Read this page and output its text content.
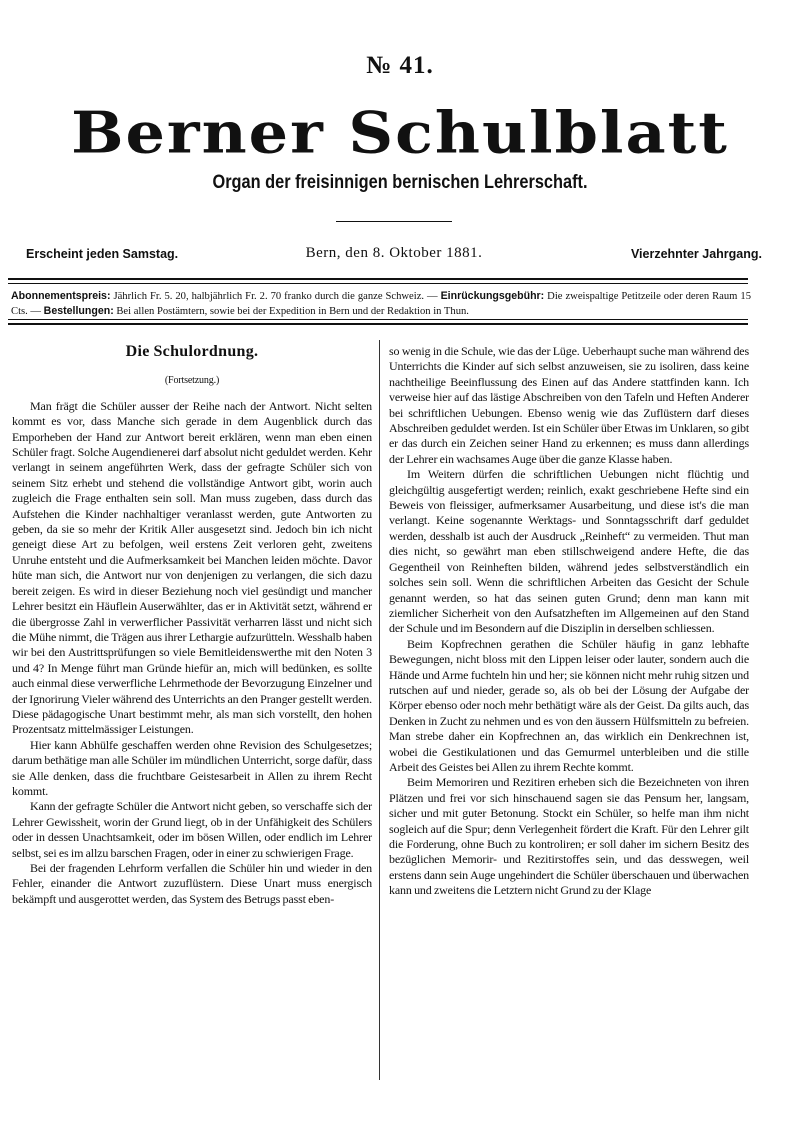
№ 41.
Berner Schulblatt
Organ der freisinnigen bernischen Lehrerschaft.
Erscheint jeden Samstag.	Bern, den 8. Oktober 1881.	Vierzehnter Jahrgang.
Abonnementspreis: Jährlich Fr. 5. 20, halbjährlich Fr. 2. 70 franko durch die ganze Schweiz. — Einrückungsgebühr: Die zweispaltige Petitzeile oder deren Raum 15 Cts. — Bestellungen: Bei allen Postämtern, sowie bei der Expedition in Bern und der Redaktion in Thun.
Die Schulordnung.
(Fortsetzung.)

Man frägt die Schüler ausser der Reihe nach der Antwort. Nicht selten kommt es vor, dass Manche sich gerade in dem Augenblick durch das Emporheben der Hand zur Antwort bereit erklären, wenn man eben einen Schüler fragt. Solche Augendienerei darf absolut nicht geduldet werden. Kehr verlangt in seinem angeführten Werk, dass der gefragte Schüler sich von seinem Sitz erhebt und stehend die vollständige Antwort gibt, worin auch zugleich die Frage enthalten sein soll. Man muss zugeben, dass durch das Aufstehen die Kinder nachhaltiger veranlasst werden, gute Antworten zu geben, da sie so mehr der Kritik Aller ausgesetzt sind. Jedoch bin ich nicht geneigt diese Art zu befolgen, weil erstens Zeit verloren geht, zweitens Unruhe entsteht und die Aufmerksamkeit bei Manchen leiden möchte. Davor hüte man sich, die Antwort nur von denjenigen zu verlangen, die sich dazu bereit zeigen. Es wird in dieser Beziehung noch viel gesündigt und mancher Lehrer besitzt ein Häuflein Auserwählter, das er in Aktivität setzt, während er die übergrosse Zahl in verwerflicher Passivität verharren lässt und nicht sich die Mühe nimmt, die Trägen aus ihrer Lethargie aufzurütteln. Wesshalb haben wir bei den Austrittsprüfungen so viele Bemitleidenswerthe mit den Noten 3 und 4? In Menge führt man Gründe hiefür an, mich will bedünken, es sollte auch einmal diese verwerfliche Lehrmethode der Bevorzugung Einzelner und der Ignorirung Vieler während des Unterrichts an den Pranger gestellt werden. Diese pädagogische Unart bestimmt mehr, als man sich vorstellt, den hohen Prozentsatz mittelmässiger Leistungen.

Hier kann Abhülfe geschaffen werden ohne Revision des Schulgesetzes; darum bethätige man alle Schüler im mündlichen Unterricht, sorge dafür, dass sie Alle denken, dass die fruchtbare Geistesarbeit in Allen zu ihrem Recht kommt.

Kann der gefragte Schüler die Antwort nicht geben, so verschaffe sich der Lehrer Gewissheit, worin der Grund liegt, ob in der Unfähigkeit des Schülers oder in dessen Unachtsamkeit, oder im bösen Willen, oder endlich im Lehrer selbst, sei es im allzu barschen Fragen, oder in einer zu schwierigen Frage.

Bei der fragenden Lehrform verfallen die Schüler hin und wieder in den Fehler, einander die Antwort zuzuflüstern. Diese Unart muss energisch bekämpft und ausgerottet werden, das System des Betrugs passt eben-

so wenig in die Schule, wie das der Lüge. Ueberhaupt suche man während des Unterrichts die Kinder auf sich selbst anzuweisen, sie zu isoliren, dass keine nachtheilige Beeinflussung des Einen auf das Andere stattfinden kann. Ich verweise hier auf das lästige Abschreiben von den Tafeln und Heften Anderer bei schriftlichen Uebungen. Ebenso wenig wie das Zuflüstern darf dieses Abschreiben geduldet werden. Ist ein Schüler über Etwas im Unklaren, so gibt er das durch ein Zeichen seiner Hand zu erkennen; es muss dann allerdings der Lehrer ein wachsames Auge über die ganze Klasse haben.

Im Weitern dürfen die schriftlichen Uebungen nicht flüchtig und gleichgültig ausgefertigt werden; reinlich, exakt geschriebene Hefte sind ein Beweis von fleissiger, aufmerksamer Ausarbeitung, und diese ist's die man verlangt. Keine sogenannte Werktags- und Sonntagsschrift darf geduldet werden, desshalb ist auch der Ausdruck „Reinheft“ zu vermeiden. Thut man dies nicht, so gewährt man eben stillschweigend andere Hefte, die das Gegentheil von Reinheften bilden, während jedes selbstverständlich ein solches sein soll. Wenn die schriftlichen Arbeiten das Gesicht der Schule genannt werden, so hat das seinen guten Grund; denn man kann mit ziemlicher Sicherheit von den Aufsatzheften im Allgemeinen auf den Stand der Schule und im Besondern auf die Disziplin in derselben schliessen.

Beim Kopfrechnen gerathen die Schüler häufig in ganz lebhafte Bewegungen, nicht bloss mit den Lippen leiser oder lauter, sondern auch die Hände und Arme fuchteln hin und her; sie können nicht mehr ruhig sitzen und rutschen auf und nieder, gerade so, als ob bei der Lösung der Aufgabe der Körper ebenso oder noch mehr bethätigt wäre als der Geist. Da gilts auch, das Denken in Zucht zu nehmen und es von den äussern Hülfsmitteln zu befreien. Man strebe daher ein Kopfrechnen an, das wirklich ein Denkrechnen ist, wobei die Gestikulationen und das Gemurmel unterbleiben und die stille Arbeit des Geistes bei Allen zu ihrem Rechte kommt.

Beim Memoriren und Rezitiren erheben sich die Bezeichneten von ihren Plätzen und frei vor sich hinschauend sagen sie das Pensum her, langsam, sicher und mit guter Betonung. Stockt ein Schüler, so helfe man ihm nicht sogleich auf die Spur; denn Verlegenheit fördert die Kraft. Für den Lehrer gilt die Forderung, ohne Buch zu kontroliren; er soll daher im sichern Besitz des bezüglichen Memorir- und Rezitirstoffes sein, und das desswegen, weil erstens dann sein Auge ungehindert die Schüler überschauen und überwachen kann und zweitens die Letztern nicht Grund zu der Klage
